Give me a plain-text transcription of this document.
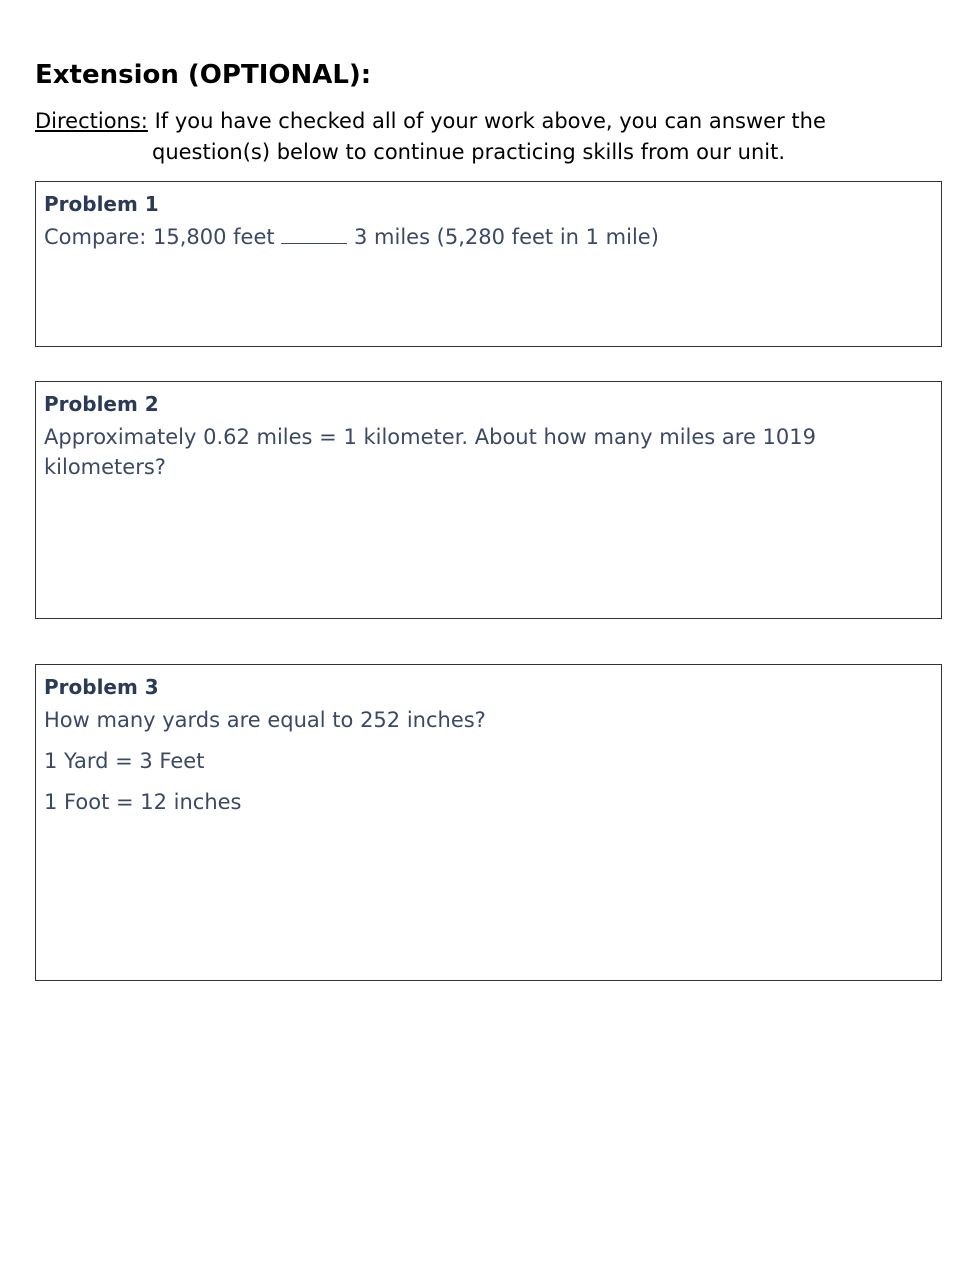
Extension (OPTIONAL):
Directions: If you have checked all of your work above, you can answer the
question(s) below to continue practicing skills from our unit.

Problem 1

Compare: 15,800 feet	3 miles (5,280 feet in 1 mile)

Problem 2

Approximately 0.62 miles = 1 kilometer. About how many miles are 1019 kilometers?

Problem 3

How many yards are equal to 252 inches?

1 Yard = 3 Feet

1 Foot = 12 inches
